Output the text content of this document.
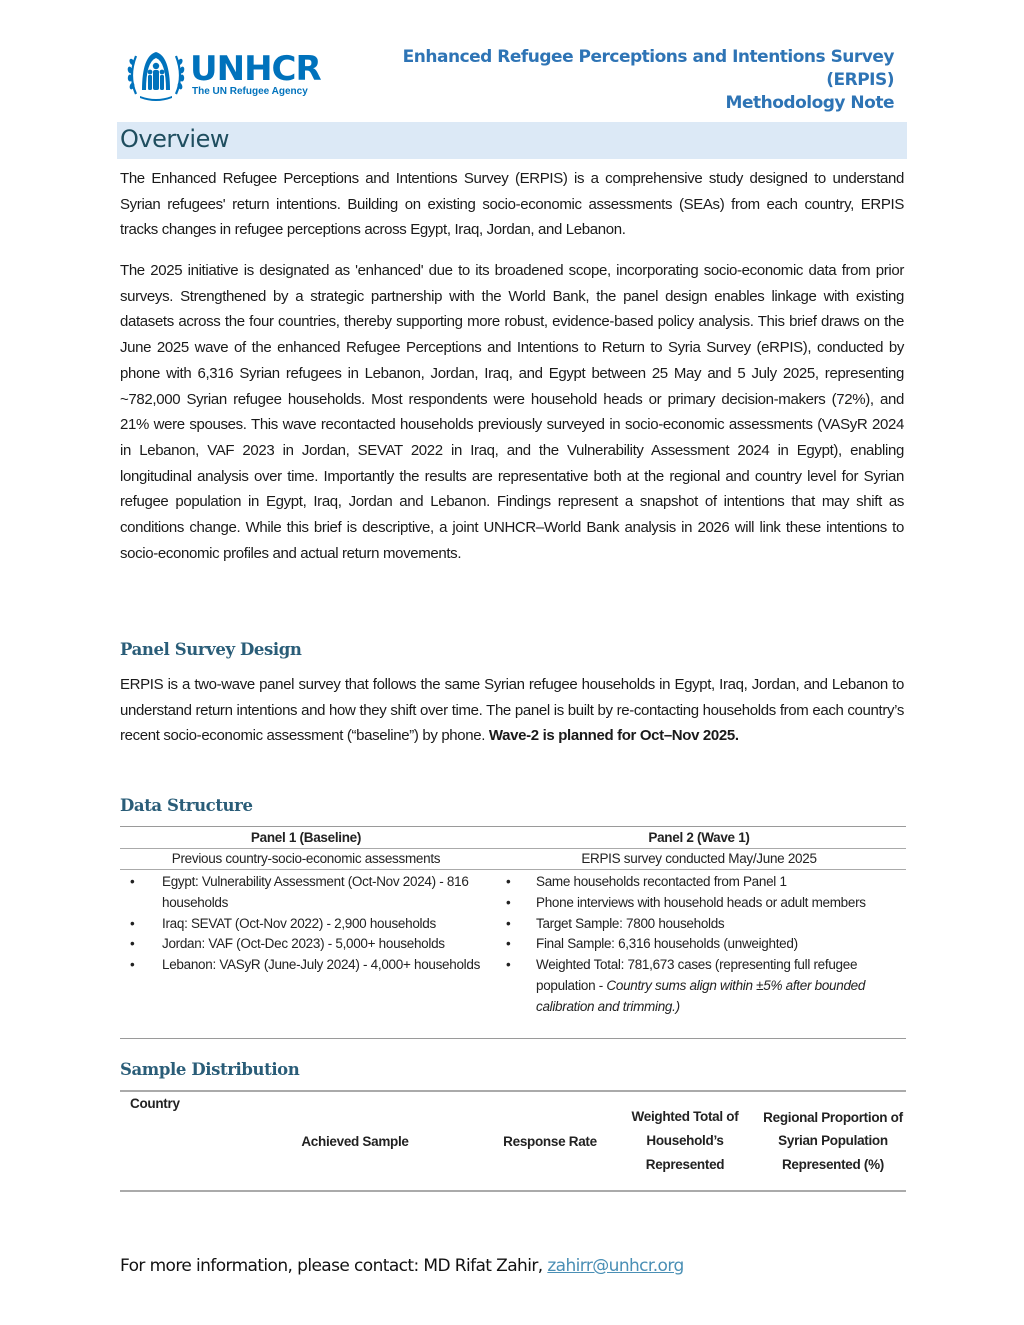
UNHCR
The UN Refugee Agency
Enhanced Refugee Perceptions and Intentions Survey
(ERPIS)
Methodology Note
Overview

The Enhanced Refugee Perceptions and Intentions Survey (ERPIS) is a comprehensive study designed to understand Syrian refugees' return intentions. Building on existing socio-economic assessments (SEAs) from each country, ERPIS tracks changes in refugee perceptions across Egypt, Iraq, Jordan, and Lebanon.

The 2025 initiative is designated as 'enhanced' due to its broadened scope, incorporating socio-economic data from prior surveys. Strengthened by a strategic partnership with the World Bank, the panel design enables linkage with existing datasets across the four countries, thereby supporting more robust, evidence-based policy analysis. This brief draws on the June 2025 wave of the enhanced Refugee Perceptions and Intentions to Return to Syria Survey (eRPIS), conducted by phone with 6,316 Syrian refugees in Lebanon, Jordan, Iraq, and Egypt between 25 May and 5 July 2025, representing ~782,000 Syrian refugee households. Most respondents were household heads or primary decision-makers (72%), and 21% were spouses. This wave recontacted households previously surveyed in socio-economic assessments (VASyR 2024 in Lebanon, VAF 2023 in Jordan, SEVAT 2022 in Iraq, and the Vulnerability Assessment 2024 in Egypt), enabling longitudinal analysis over time. Importantly the results are representative both at the regional and country level for Syrian refugee population in Egypt, Iraq, Jordan and Lebanon. Findings represent a snapshot of intentions that may shift as conditions change. While this brief is descriptive, a joint UNHCR–World Bank analysis in 2026 will link these intentions to socio-economic profiles and actual return movements.

Panel Survey Design

ERPIS is a two-wave panel survey that follows the same Syrian refugee households in Egypt, Iraq, Jordan, and Lebanon to understand return intentions and how they shift over time. The panel is built by re-contacting households from each country’s recent socio-economic assessment (“baseline”) by phone. Wave-2 is planned for Oct–Nov 2025.

Data Structure
Panel 1 (Baseline)	Panel 2 (Wave 1)
Previous country-socio-economic assessments	ERPIS survey conducted May/June 2025

• Egypt: Vulnerability Assessment (Oct-Nov 2024) - 816 households
• Iraq: SEVAT (Oct-Nov 2022) - 2,900 households
• Jordan: VAF (Oct-Dec 2023) - 5,000+ households
• Lebanon: VASyR (June-July 2024) - 4,000+ households

• Same households recontacted from Panel 1
• Phone interviews with household heads or adult members
• Target Sample: 7800 households
• Final Sample: 6,316 households (unweighted)
• Weighted Total: 781,673 cases (representing full refugee population - Country sums align within ±5% after bounded calibration and trimming.)
Sample Distribution
Country	Achieved Sample	Response Rate	Weighted Total of Household’s Represented	Regional Proportion of Syrian Population Represented (%)
For more information, please contact: MD Rifat Zahir, zahirr@unhcr.org
